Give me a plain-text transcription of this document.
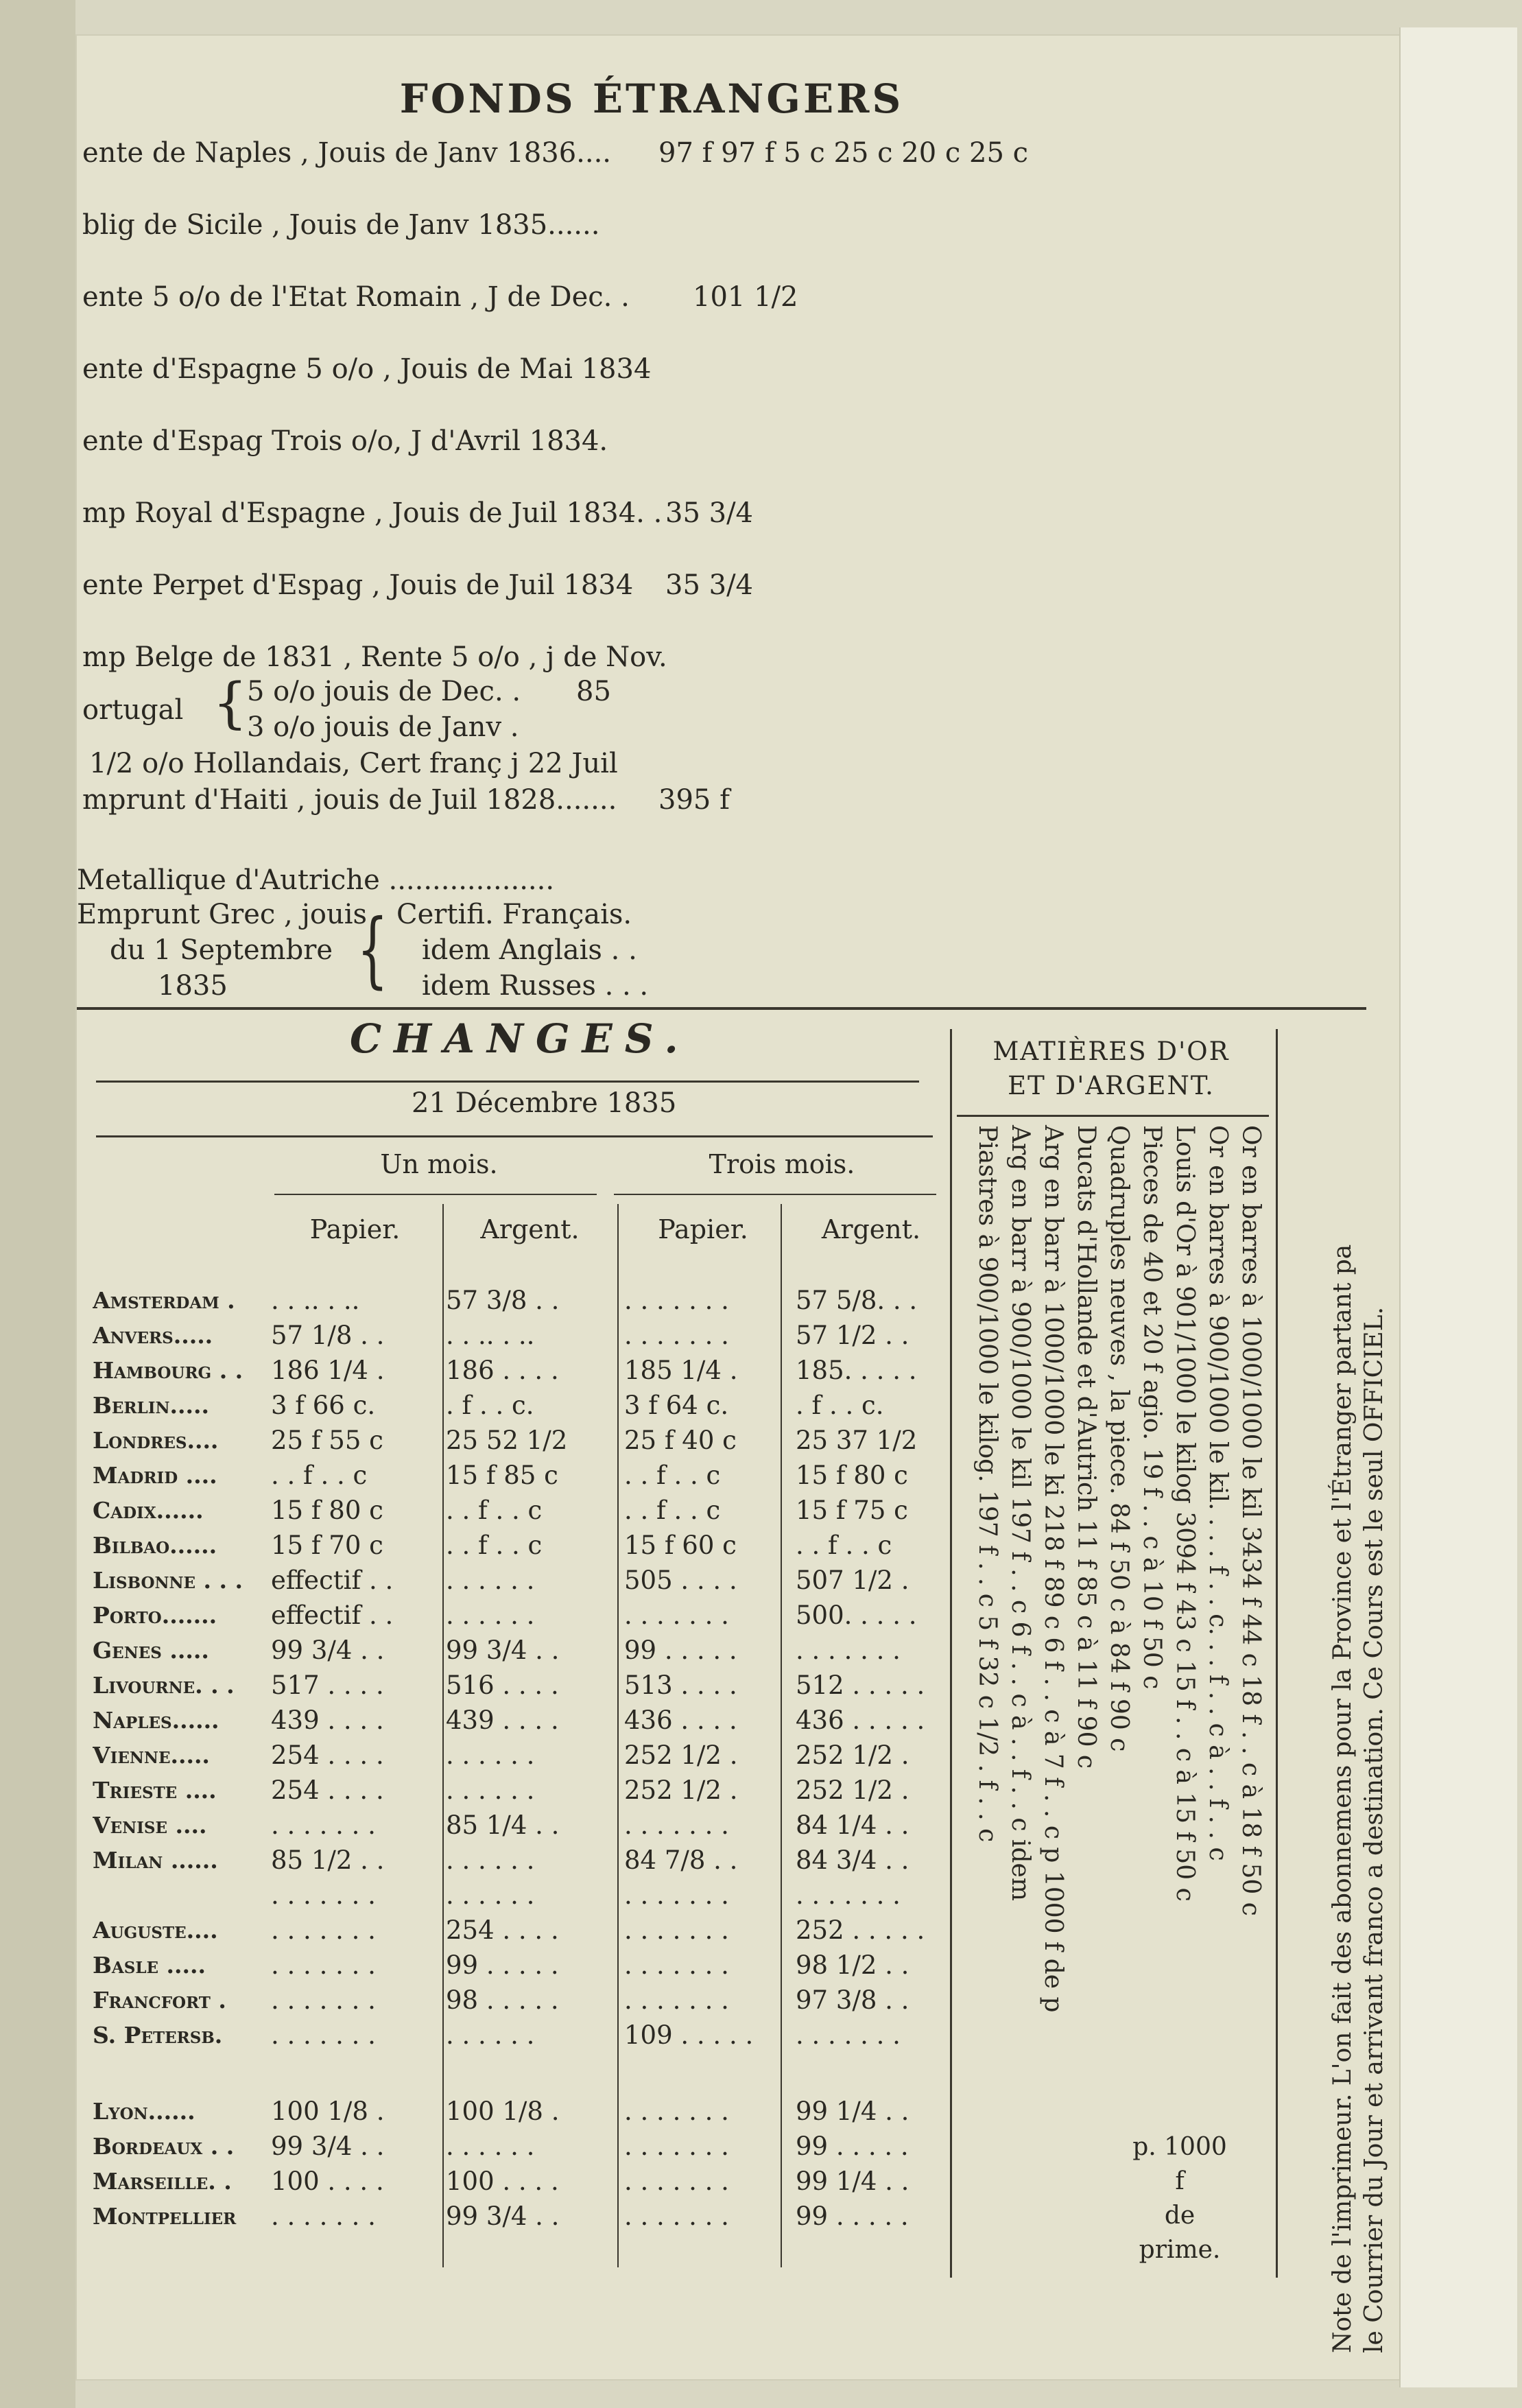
FONDS ÉTRANGERS
ente de Naples , Jouis de Janv 1836.... 97 f 97 f 5 c 25 c 20 c 25 c
blig de Sicile , Jouis de Janv 1835......
ente 5 o/o de l'Etat Romain , J de Dec. . 101 1/2
ente d'Espagne 5 o/o , Jouis de Mai 1834
ente d'Espag Trois o/o, J d'Avril 1834.
mp Royal d'Espagne , Jouis de Juil 1834. . 35 3/4
ente Perpet d'Espag , Jouis de Juil 1834 35 3/4
mp Belge de 1831 , Rente 5 o/o , j de Nov.
ortugal { 5 o/o jouis de Dec. . 85
3 o/o jouis de Janv .
1/2 o/o Hollandais, Cert franç j 22 Juil
mprunt d'Haiti , jouis de Juil 1828....... 395 f
Metallique d'Autriche ...................
Emprunt Grec , jouis
du 1 Septembre
1835 { Certifi. Français.
idem Anglais . .
idem Russes . . .
CHANGES.
21 Décembre 1835
Un mois.	Trois mois.
Papier.	Argent.	Papier.	Argent.
Amsterdam .	. . .. . ..	57 3/8 . .	. . . . . . .	57 5/8. . .
Anvers.....	57 1/8 . .	. . .. . ..	. . . . . . .	57 1/2 . .
Hambourg . .	186 1/4 .	186 . . . .	185 1/4 .	185. . . . .
Berlin.....	3 f 66 c.	. f . . c.	3 f 64 c.	. f . . c.
Londres....	25 f 55 c	25 52 1/2	25 f 40 c	25 37 1/2
Madrid ....	. . f . . c	15 f 85 c	. . f . . c	15 f 80 c
Cadix......	15 f 80 c	. . f . . c	. . f . . c	15 f 75 c
Bilbao......	15 f 70 c	. . f . . c	15 f 60 c	. . f . . c
Lisbonne . . .	effectif . .	. . . . . .	505 . . . .	507 1/2 .
Porto.......	effectif . .	. . . . . .	. . . . . . .	500. . . . .
Genes .....	99 3/4 . .	99 3/4 . .	99 . . . . .	. . . . . . .
Livourne. . .	517 . . . .	516 . . . .	513 . . . .	512 . . . . .
Naples......	439 . . . .	439 . . . .	436 . . . .	436 . . . . .
Vienne.....	254 . . . .	. . . . . .	252 1/2 .	252 1/2 .
Trieste ....	254 . . . .	. . . . . .	252 1/2 .	252 1/2 .
Venise ....	. . . . . . .	85 1/4 . .	. . . . . . .	84 1/4 . .
Milan ......	85 1/2 . .	. . . . . .	84 7/8 . .	84 3/4 . .
	. . . . . . .	. . . . . .	. . . . . . .	. . . . . . .
Auguste....	. . . . . . .	254 . . . .	. . . . . . .	252 . . . . .
Basle .....	. . . . . . .	99 . . . . .	. . . . . . .	98 1/2 . .
Francfort .	. . . . . . .	98 . . . . .	. . . . . . .	97 3/8 . .
S. Petersb.	. . . . . . .	. . . . . .	109 . . . . .	. . . . . . .

Lyon......	100 1/8 .	100 1/8 .	. . . . . . .	99 1/4 . .
Bordeaux . .	99 3/4 . .	. . . . . .	. . . . . . .	99 . . . . .
Marseille. .	100 . . . .	100 . . . .	. . . . . . .	99 1/4 . .
Montpellier	. . . . . . .	99 3/4 . .	. . . . . . .	99 . . . . .
MATIÈRES D'OR
ET D'ARGENT.
Or en barres à 1000/1000 le kil 3434 f 44 c 18 f . . c à 18 f 50 c
Or en barres à 900/1000 le kil. . . . f . . c. . . f . . c à . . f . . c
Louis d'Or à 901/1000 le kilog 3094 f 43 c 15 f . . c à 15 f 50 c
Pieces de 40 et 20 f agio. 19 f . . c à 10 f 50 c
Quadruples neuves , la piece. 84 f 50 c à 84 f 90 c
Ducats d'Hollande et d'Autrich 11 f 85 c à 11 f 90 c
Arg en barr à 1000/1000 le ki 218 f 89 c 6 f . . c à 7 f . . c p 1000 f de p
Arg en barr à 900/1000 le kil 197 f . . c 6 f . . c à . . f . . c idem
Piastres à 900/1000 le kilog. 197 f . . c 5 f 32 c 1/2 . f . . c
p. 1000 f
de
prime.	Note de l'imprimeur. L'on fait des abonnemens pour la Province et l'Étranger partant pa le Courrier du Jour et arrivant franco a destination. Ce Cours est le seul OFFICIEL.
